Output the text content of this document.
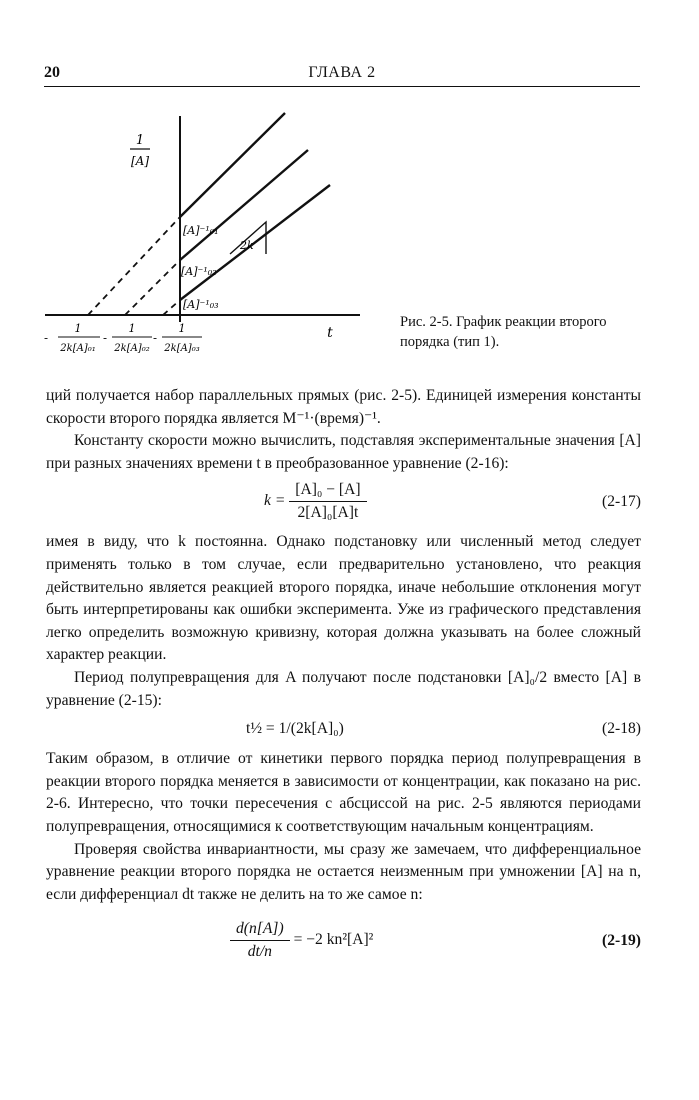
20	ГЛАВА 2
1
[A]
t
[A]⁻¹₀₁
[A]⁻¹₀₂
[A]⁻¹₀₃
2k
-
1
2k[A]₀₁
-
1
2k[A]₀₂
-
1
2k[A]₀₃
Рис. 2-5. График реакции второго порядка (тип 1).

ций получается набор параллельных прямых (рис. 2-5). Единицей измерения константы скорости второго порядка является М⁻¹·(время)⁻¹.

Константу скорости можно вычислить, подставляя экспериментальные значения [A] при разных значениях времени t в преобразованное уравнение (2-16):

$k = \frac{\text{[A]₀ − [A]}}{\text{2[A]₀[A]t}}$	(2-17)

имея в виду, что k постоянна. Однако подстановку или численный метод следует применять только в том случае, если предварительно установлено, что реакция действительно является реакцией второго порядка, иначе небольшие отклонения могут быть интерпретированы как ошибки эксперимента. Уже из графического представления легко определить возможную кривизну, которая должна указывать на более сложный характер реакции.

Период полупревращения для A получают после подстановки [A]₀/2 вместо [A] в уравнение (2-15):

t½ = 1/(2k[A]₀)	(2-18)

Таким образом, в отличие от кинетики первого порядка период полупревращения в реакции второго порядка меняется в зависимости от концентрации, как показано на рис. 2-6. Интересно, что точки пересечения с абсциссой на рис. 2-5 являются периодами полупревращения, относящимися к соответствующим начальным концентрациям.

Проверяя свойства инвариантности, мы сразу же замечаем, что дифференциальное уравнение реакции второго порядка не остается неизменным при умножении [A] на n, если дифференциал dt также не делить на то же самое n:

$\frac{d(n[A])}{dt/n} = -2$ kn²[A]²	(2-19)
